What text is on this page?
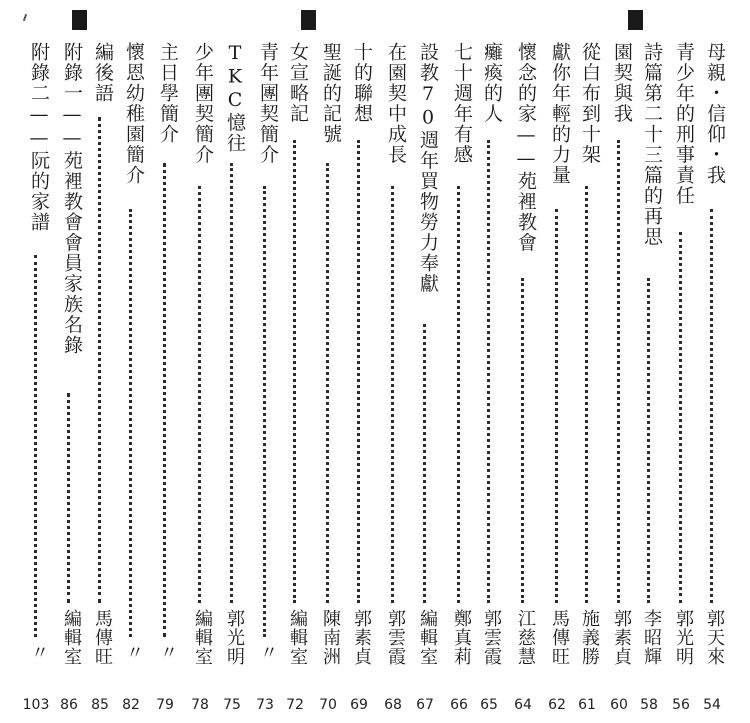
母親・信仰・我
郭天來
54
青少年的刑事責任
郭光明
56
詩篇第二十三篇的再思
李昭輝
58
園契與我
郭素貞
60
從白布到十架
施義勝
61
獻你年輕的力量
馬傳旺
62
懷念的家——苑裡教會
江慈慧
64
癱瘓的人
郭雲霞
65
七十週年有感
鄭真莉
66
設教70週年買物勞力奉獻
編輯室
67
在園契中成長
郭雲霞
68
十的聯想
郭素貞
69
聖誕的記號
陳南洲
70
女宣略記
編輯室
72
青年團契簡介
〃
73
TKC憶往
郭光明
75
少年團契簡介
編輯室
78
主日學簡介
〃
79
懷恩幼稚園簡介
〃
82
編後語
馬傳旺
85
附錄一——苑裡教會會員家族名錄
編輯室
86
附錄二——阮的家譜
〃
103
